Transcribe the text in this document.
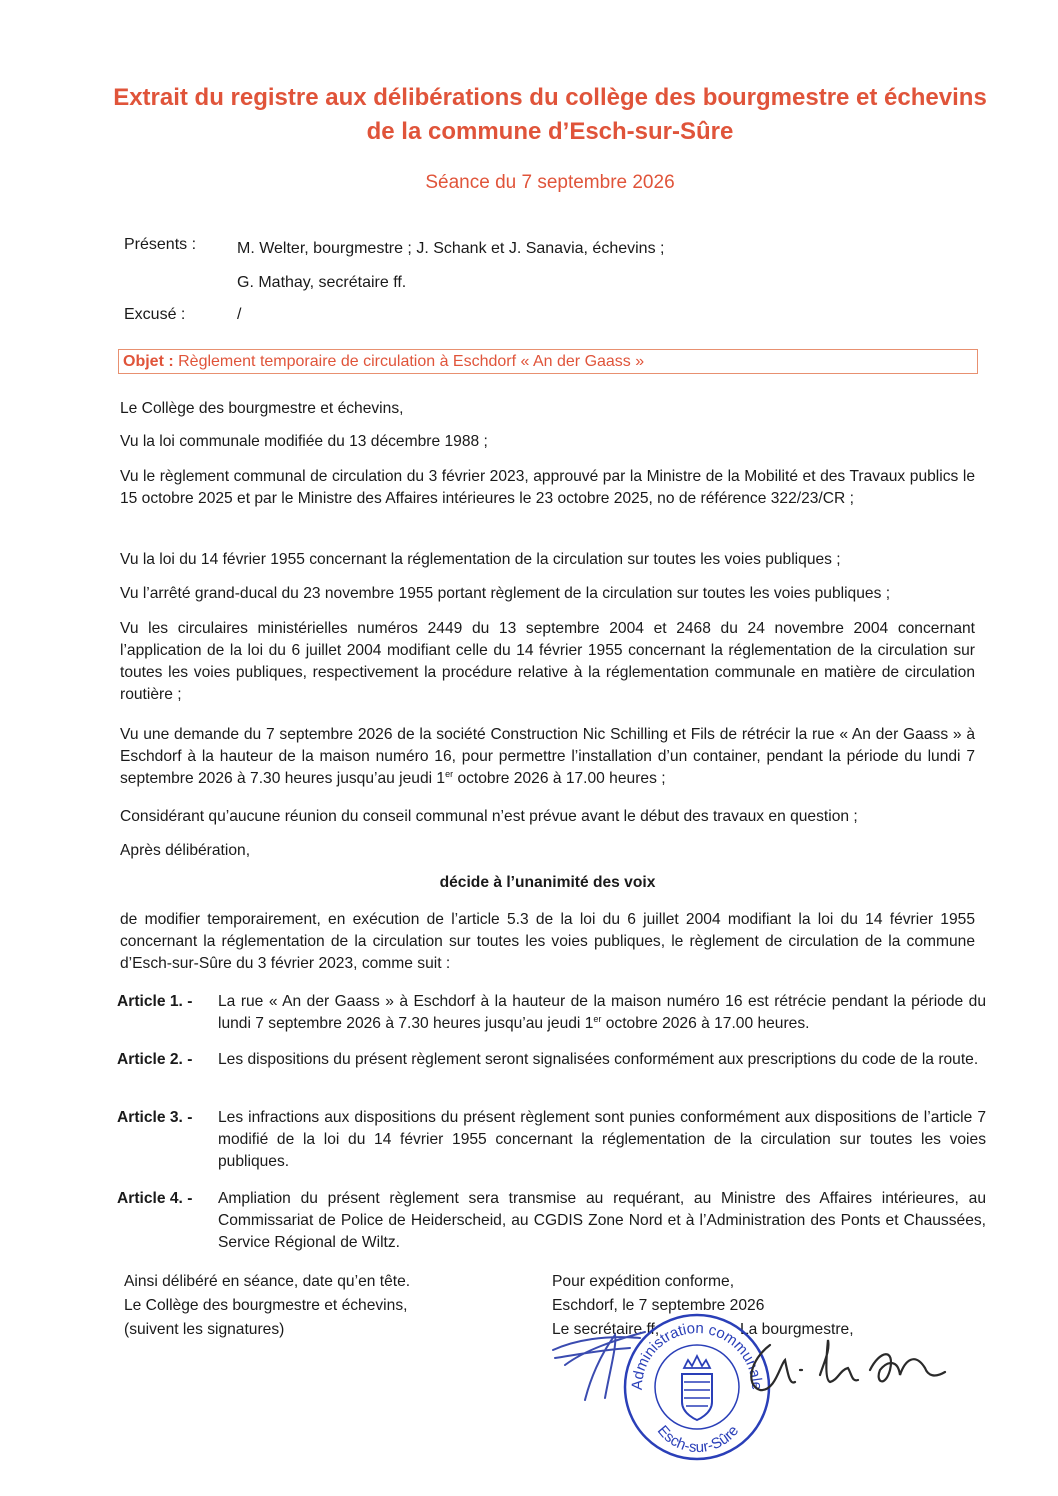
Extrait du registre aux délibérations du collège des bourgmestre et échevins
de la commune d’Esch-sur-Sûre
Séance du 7 septembre 2026
Présents :	M. Welter, bourgmestre ; J. Schank et J. Sanavia, échevins ;
G. Mathay, secrétaire ff.
Excusé :	/
Objet : Règlement temporaire de circulation à Eschdorf « An der Gaass »
Le Collège des bourgmestre et échevins,
Vu la loi communale modifiée du 13 décembre 1988 ;
Vu le règlement communal de circulation du 3 février 2023, approuvé par la Ministre de la Mobilité et des Travaux publics le 15 octobre 2025 et par le Ministre des Affaires intérieures le 23 octobre 2025, no de référence 322/23/CR ;
Vu la loi du 14 février 1955 concernant la réglementation de la circulation sur toutes les voies publiques ;
Vu l’arrêté grand-ducal du 23 novembre 1955 portant règlement de la circulation sur toutes les voies publiques ;
Vu les circulaires ministérielles numéros 2449 du 13 septembre 2004 et 2468 du 24 novembre 2004 concernant l’application de la loi du 6 juillet 2004 modifiant celle du 14 février 1955 concernant la réglementation de la circulation sur toutes les voies publiques, respectivement la procédure relative à la réglementation communale en matière de circulation routière ;
Vu une demande du 7 septembre 2026 de la société Construction Nic Schilling et Fils de rétrécir la rue « An der Gaass » à Eschdorf à la hauteur de la maison numéro 16, pour permettre l’installation d’un container, pendant la période du lundi 7 septembre 2026 à 7.30 heures jusqu’au jeudi 1er octobre 2026 à 17.00 heures ;
Considérant qu’aucune réunion du conseil communal n’est prévue avant le début des travaux en question ;
Après délibération,
décide à l’unanimité des voix
de modifier temporairement, en exécution de l’article 5.3 de la loi du 6 juillet 2004 modifiant la loi du 14 février 1955 concernant la réglementation de la circulation sur toutes les voies publiques, le règlement de circulation de la commune d’Esch-sur-Sûre du 3 février 2023, comme suit :
Article 1. - La rue « An der Gaass » à Eschdorf à la hauteur de la maison numéro 16 est rétrécie pendant la période du lundi 7 septembre 2026 à 7.30 heures jusqu’au jeudi 1er octobre 2026 à 17.00 heures.
Article 2. - Les dispositions du présent règlement seront signalisées conformément aux prescriptions du code de la route.
Article 3. - Les infractions aux dispositions du présent règlement sont punies conformément aux dispositions de l’article 7 modifié de la loi du 14 février 1955 concernant la réglementation de la circulation sur toutes les voies publiques.
Article 4. - Ampliation du présent règlement sera transmise au requérant, au Ministre des Affaires intérieures, au Commissariat de Police de Heiderscheid, au CGDIS Zone Nord et à l’Administration des Ponts et Chaussées, Service Régional de Wiltz.
Ainsi délibéré en séance, date qu’en tête.
Le Collège des bourgmestre et échevins,
(suivent les signatures)
Pour expédition conforme,
Eschdorf, le 7 septembre 2026
Le secrétaire ff,	La bourgmestre,
Administration communale
Esch-sur-Sûre
